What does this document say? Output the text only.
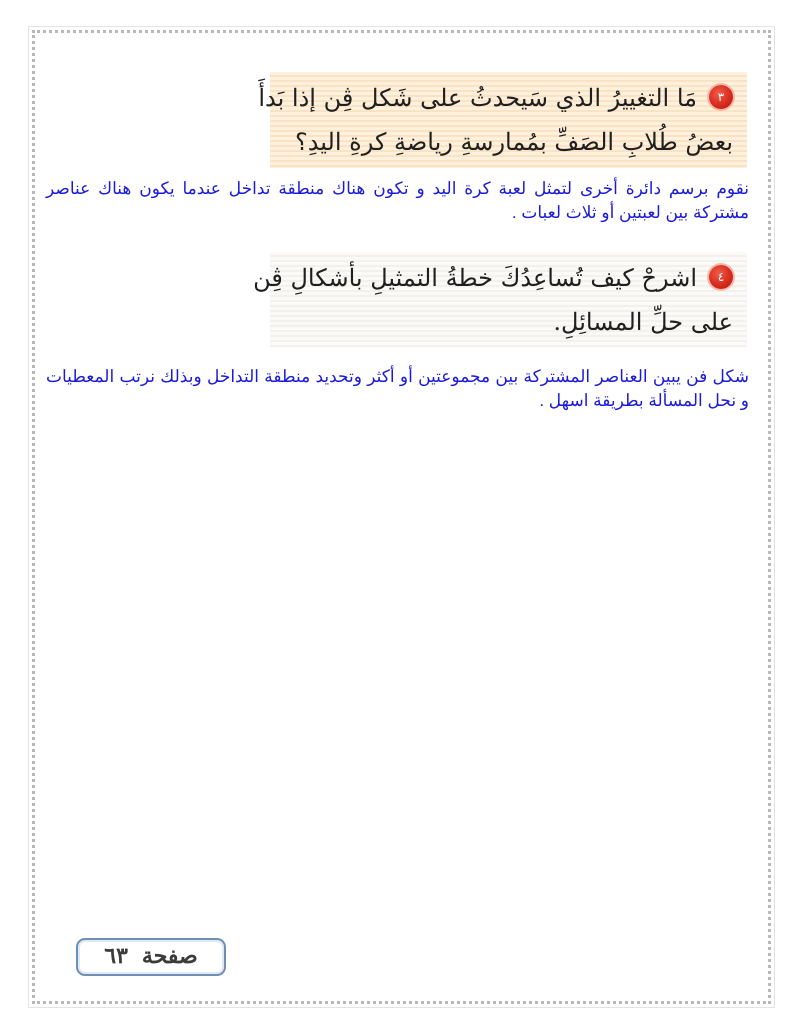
٣مَا التغييرُ الذي سَيحدثُ على شَكل ڤِن إذا بَدأَ
بعضُ طُلابِ الصَفِّ بمُمارسةِ رياضةِ كرةِ اليدِ؟

نقوم برسم دائرة أخرى لتمثل لعبة كرة اليد و تكون هناك منطقة تداخل عندما يكون هناك عناصر مشتركة بين لعبتين أو ثلاث لعبات .

٤اشرحْ كيف تُساعِدُكَ خطةُ التمثيلِ بأشكالِ ڤِن
على حلِّ المسائِلِ.

شكل فن يبين العناصر المشتركة بين مجموعتين أو أكثر وتحديد منطقة التداخل وبذلك نرتب المعطيات و نحل المسألة بطريقة اسهل .

صفحة٦٣
